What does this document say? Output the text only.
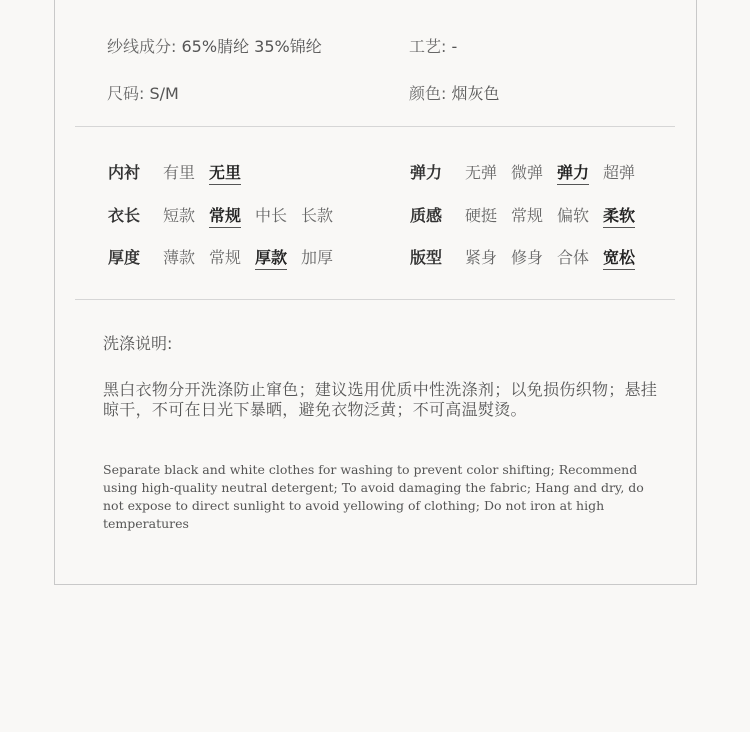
纱线成分: 65%腈纶 35%锦纶	工艺: -
尺码: S/M	颜色: 烟灰色
内衬 有里 无里	弹力 无弹 微弹 弹力 超弹
衣长 短款 常规 中长 长款	质感 硬挺 常规 偏软 柔软
厚度 薄款 常规 厚款 加厚	版型 紧身 修身 合体 宽松
洗涤说明:
黑白衣物分开洗涤防止窜色；建议选用优质中性洗涤剂；以免损伤织物；悬挂晾干，不可在日光下暴晒，避免衣物泛黄；不可高温熨烫。
Separate black and white clothes for washing to prevent color shifting; Recommend using high-quality neutral detergent; To avoid damaging the fabric; Hang and dry, do not expose to direct sunlight to avoid yellowing of clothing; Do not iron at high temperatures
